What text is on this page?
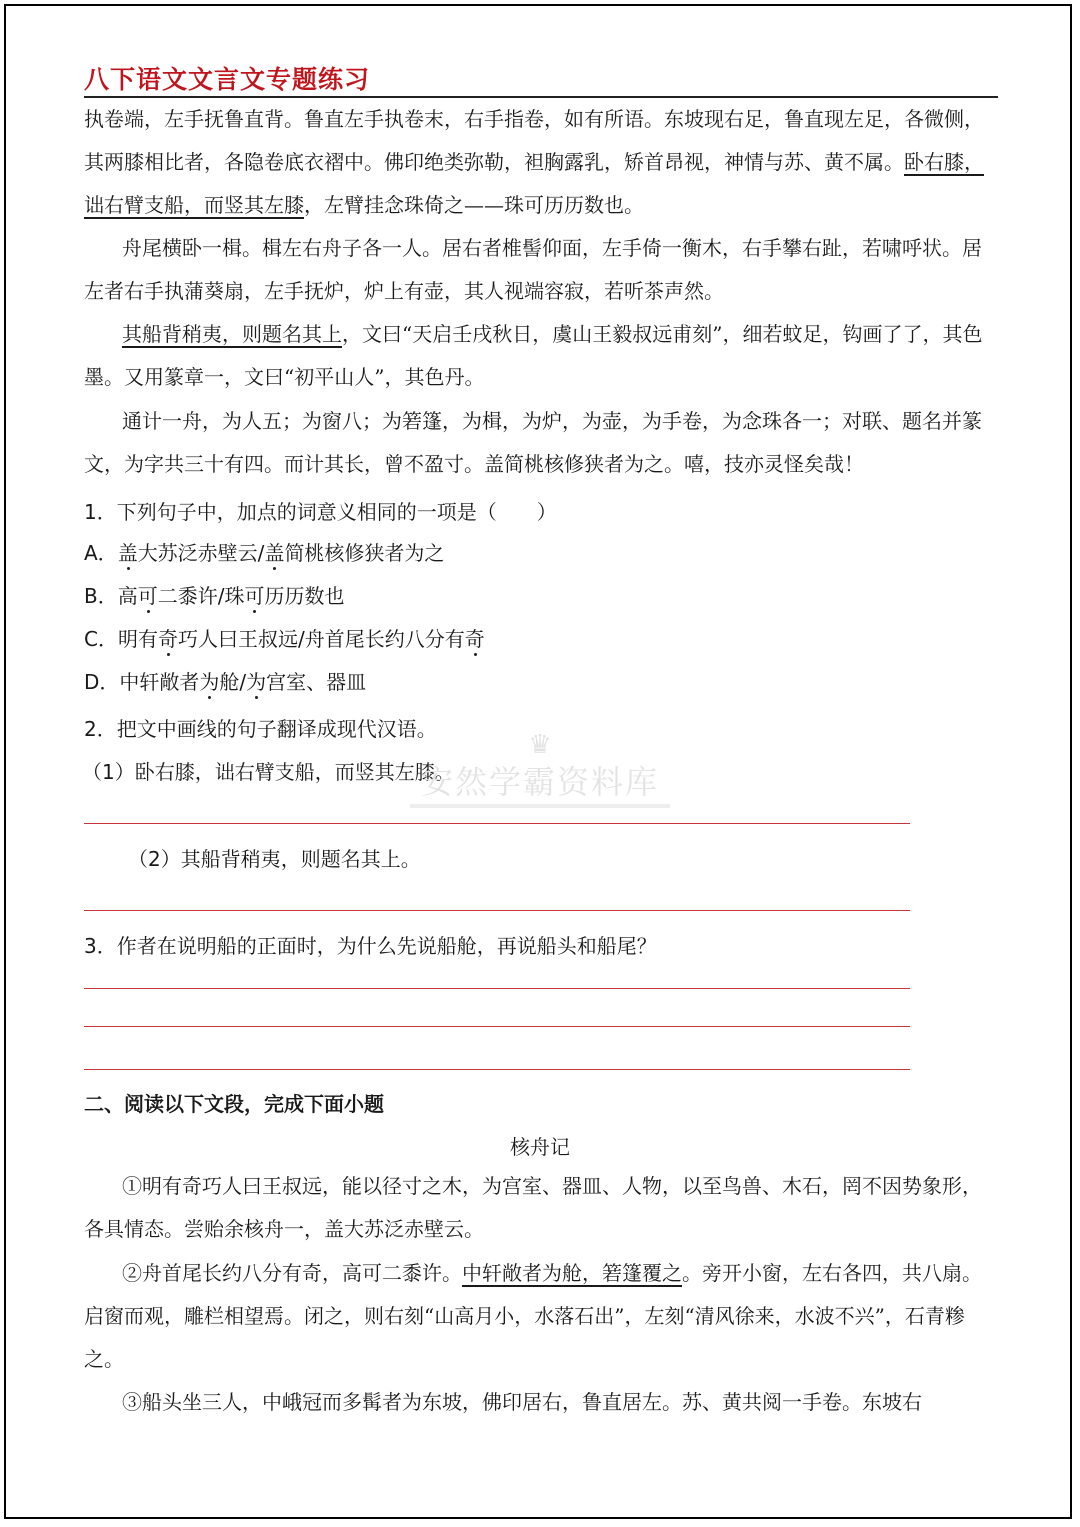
八下语文文言文专题练习

执卷端，左手抚鲁直背。鲁直左手执卷末，右手指卷，如有所语。东坡现右足，鲁直现左足，各微侧，其两膝相比者，各隐卷底衣褶中。佛印绝类弥勒，袒胸露乳，矫首昂视，神情与苏、黄不属。卧右膝，诎右臂支船，而竖其左膝，左臂挂念珠倚之——珠可历历数也。

舟尾横卧一楫。楫左右舟子各一人。居右者椎髻仰面，左手倚一衡木，右手攀右趾，若啸呼状。居左者右手执蒲葵扇，左手抚炉，炉上有壶，其人视端容寂，若听茶声然。

其船背稍夷，则题名其上，文曰“天启壬戌秋日，虞山王毅叔远甫刻”，细若蚊足，钩画了了，其色墨。又用篆章一，文曰“初平山人”，其色丹。

通计一舟，为人五；为窗八；为箬篷，为楫，为炉，为壶，为手卷，为念珠各一；对联、题名并篆文，为字共三十有四。而计其长，曾不盈寸。盖简桃核修狭者为之。嘻，技亦灵怪矣哉！

1．下列句子中，加点的词意义相同的一项是（　　）
A．盖大苏泛赤壁云/盖简桃核修狭者为之
B．高可二黍许/珠可历历数也
C．明有奇巧人曰王叔远/舟首尾长约八分有奇
D．中轩敞者为舱/为宫室、器皿
2．把文中画线的句子翻译成现代汉语。
（1）卧右膝，诎右臂支船，而竖其左膝。
♛
安然学霸资料库
（2）其船背稍夷，则题名其上。
3．作者在说明船的正面时，为什么先说船舱，再说船头和船尾？
二、阅读以下文段，完成下面小题
核舟记

①明有奇巧人曰王叔远，能以径寸之木，为宫室、器皿、人物，以至鸟兽、木石，罔不因势象形，各具情态。尝贻余核舟一，盖大苏泛赤壁云。

②舟首尾长约八分有奇，高可二黍许。中轩敞者为舱，箬篷覆之。旁开小窗，左右各四，共八扇。启窗而观，雕栏相望焉。闭之，则右刻“山高月小，水落石出”，左刻“清风徐来，水波不兴”，石青糁之。

③船头坐三人，中峨冠而多髯者为东坡，佛印居右，鲁直居左。苏、黄共阅一手卷。东坡右
